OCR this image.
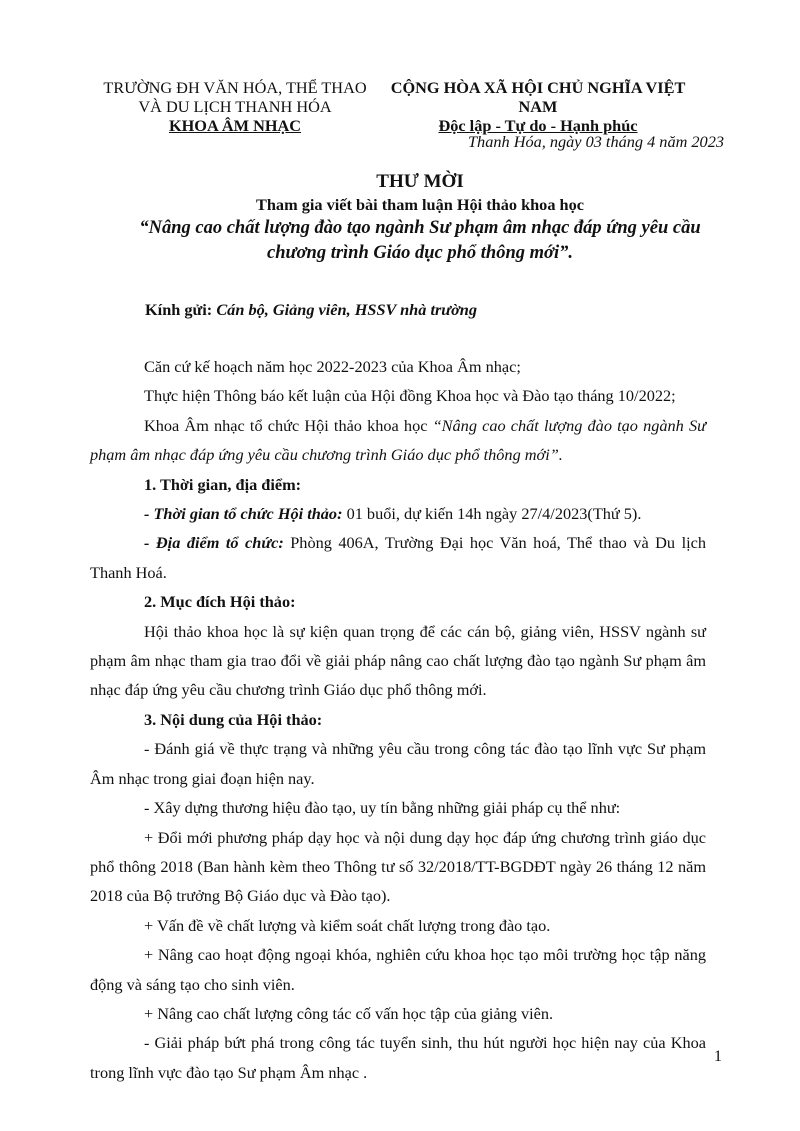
TRƯỜNG ĐH VĂN HÓA, THỂ THAO
VÀ DU LỊCH THANH HÓA
KHOA ÂM NHẠC
CỘNG HÒA XÃ HỘI CHỦ NGHĨA VIỆT NAM
Độc lập - Tự do - Hạnh phúc
Thanh Hóa, ngày 03 tháng 4 năm 2023
THƯ MỜI
Tham gia viết bài tham luận Hội thảo khoa học
“Nâng cao chất lượng đào tạo ngành Sư phạm âm nhạc đáp ứng yêu cầu
chương trình Giáo dục phổ thông mới”.
Kính gửi: Cán bộ, Giảng viên, HSSV nhà trường

Căn cứ kế hoạch năm học 2022-2023 của Khoa Âm nhạc;

Thực hiện Thông báo kết luận của Hội đồng Khoa học và Đào tạo tháng 10/2022;

Khoa Âm nhạc tổ chức Hội thảo khoa học “Nâng cao chất lượng đào tạo ngành Sư phạm âm nhạc đáp ứng yêu cầu chương trình Giáo dục phổ thông mới”.

1. Thời gian, địa điểm:

- Thời gian tổ chức Hội thảo: 01 buổi, dự kiến 14h ngày 27/4/2023(Thứ 5).

- Địa điểm tổ chức: Phòng 406A, Trường Đại học Văn hoá, Thể thao và Du lịch Thanh Hoá.

2. Mục đích Hội thảo:

Hội thảo khoa học là sự kiện quan trọng để các cán bộ, giảng viên, HSSV ngành sư phạm âm nhạc tham gia trao đổi về giải pháp nâng cao chất lượng đào tạo ngành Sư phạm âm nhạc đáp ứng yêu cầu chương trình Giáo dục phổ thông mới.

3. Nội dung của Hội thảo:

- Đánh giá về thực trạng và những yêu cầu trong công tác đào tạo lĩnh vực Sư phạm Âm nhạc trong giai đoạn hiện nay.

- Xây dựng thương hiệu đào tạo, uy tín bằng những giải pháp cụ thể như:

+ Đổi mới phương pháp dạy học và nội dung dạy học đáp ứng chương trình giáo dục phổ thông 2018 (Ban hành kèm theo Thông tư số 32/2018/TT-BGDĐT ngày 26 tháng 12 năm 2018 của Bộ trưởng Bộ Giáo dục và Đào tạo).

+ Vấn đề về chất lượng và kiểm soát chất lượng trong đào tạo.

+ Nâng cao hoạt động ngoại khóa, nghiên cứu khoa học tạo môi trường học tập năng động và sáng tạo cho sinh viên.

+ Nâng cao chất lượng công tác cố vấn học tập của giảng viên.

- Giải pháp bứt phá trong công tác tuyển sinh, thu hút người học hiện nay của Khoa trong lĩnh vực đào tạo Sư phạm Âm nhạc .

1
